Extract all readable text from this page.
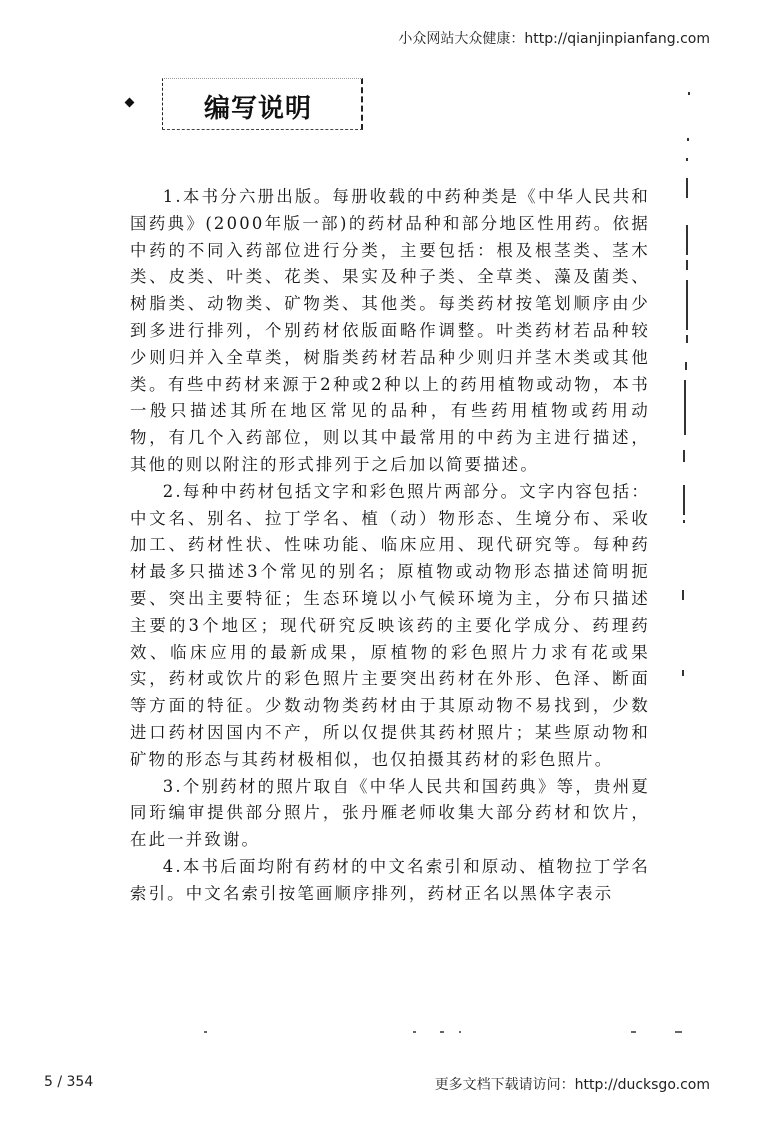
小众网站大众健康：http://qianjinpianfang.com
编写说明

1.本书分六册出版。每册收载的中药种类是《中华人民共和国药典》(2000年版一部)的药材品种和部分地区性用药。依据中药的不同入药部位进行分类，主要包括：根及根茎类、茎木类、皮类、叶类、花类、果实及种子类、全草类、藻及菌类、树脂类、动物类、矿物类、其他类。每类药材按笔划顺序由少到多进行排列，个别药材依版面略作调整。叶类药材若品种较少则归并入全草类，树脂类药材若品种少则归并茎木类或其他类。有些中药材来源于2种或2种以上的药用植物或动物，本书一般只描述其所在地区常见的品种，有些药用植物或药用动物，有几个入药部位，则以其中最常用的中药为主进行描述，其他的则以附注的形式排列于之后加以简要描述。

2.每种中药材包括文字和彩色照片两部分。文字内容包括：中文名、别名、拉丁学名、植（动）物形态、生境分布、采收加工、药材性状、性味功能、临床应用、现代研究等。每种药材最多只描述3个常见的别名；原植物或动物形态描述简明扼要、突出主要特征；生态环境以小气候环境为主，分布只描述主要的3个地区；现代研究反映该药的主要化学成分、药理药效、临床应用的最新成果，原植物的彩色照片力求有花或果实，药材或饮片的彩色照片主要突出药材在外形、色泽、断面等方面的特征。少数动物类药材由于其原动物不易找到，少数进口药材因国内不产，所以仅提供其药材照片；某些原动物和矿物的形态与其药材极相似，也仅拍摄其药材的彩色照片。

3.个别药材的照片取自《中华人民共和国药典》等，贵州夏同珩编审提供部分照片，张丹雁老师收集大部分药材和饮片，在此一并致谢。

4.本书后面均附有药材的中文名索引和原动、植物拉丁学名索引。中文名索引按笔画顺序排列，药材正名以黑体字表示

5 / 354	更多文档下载请访问：http://ducksgo.com
